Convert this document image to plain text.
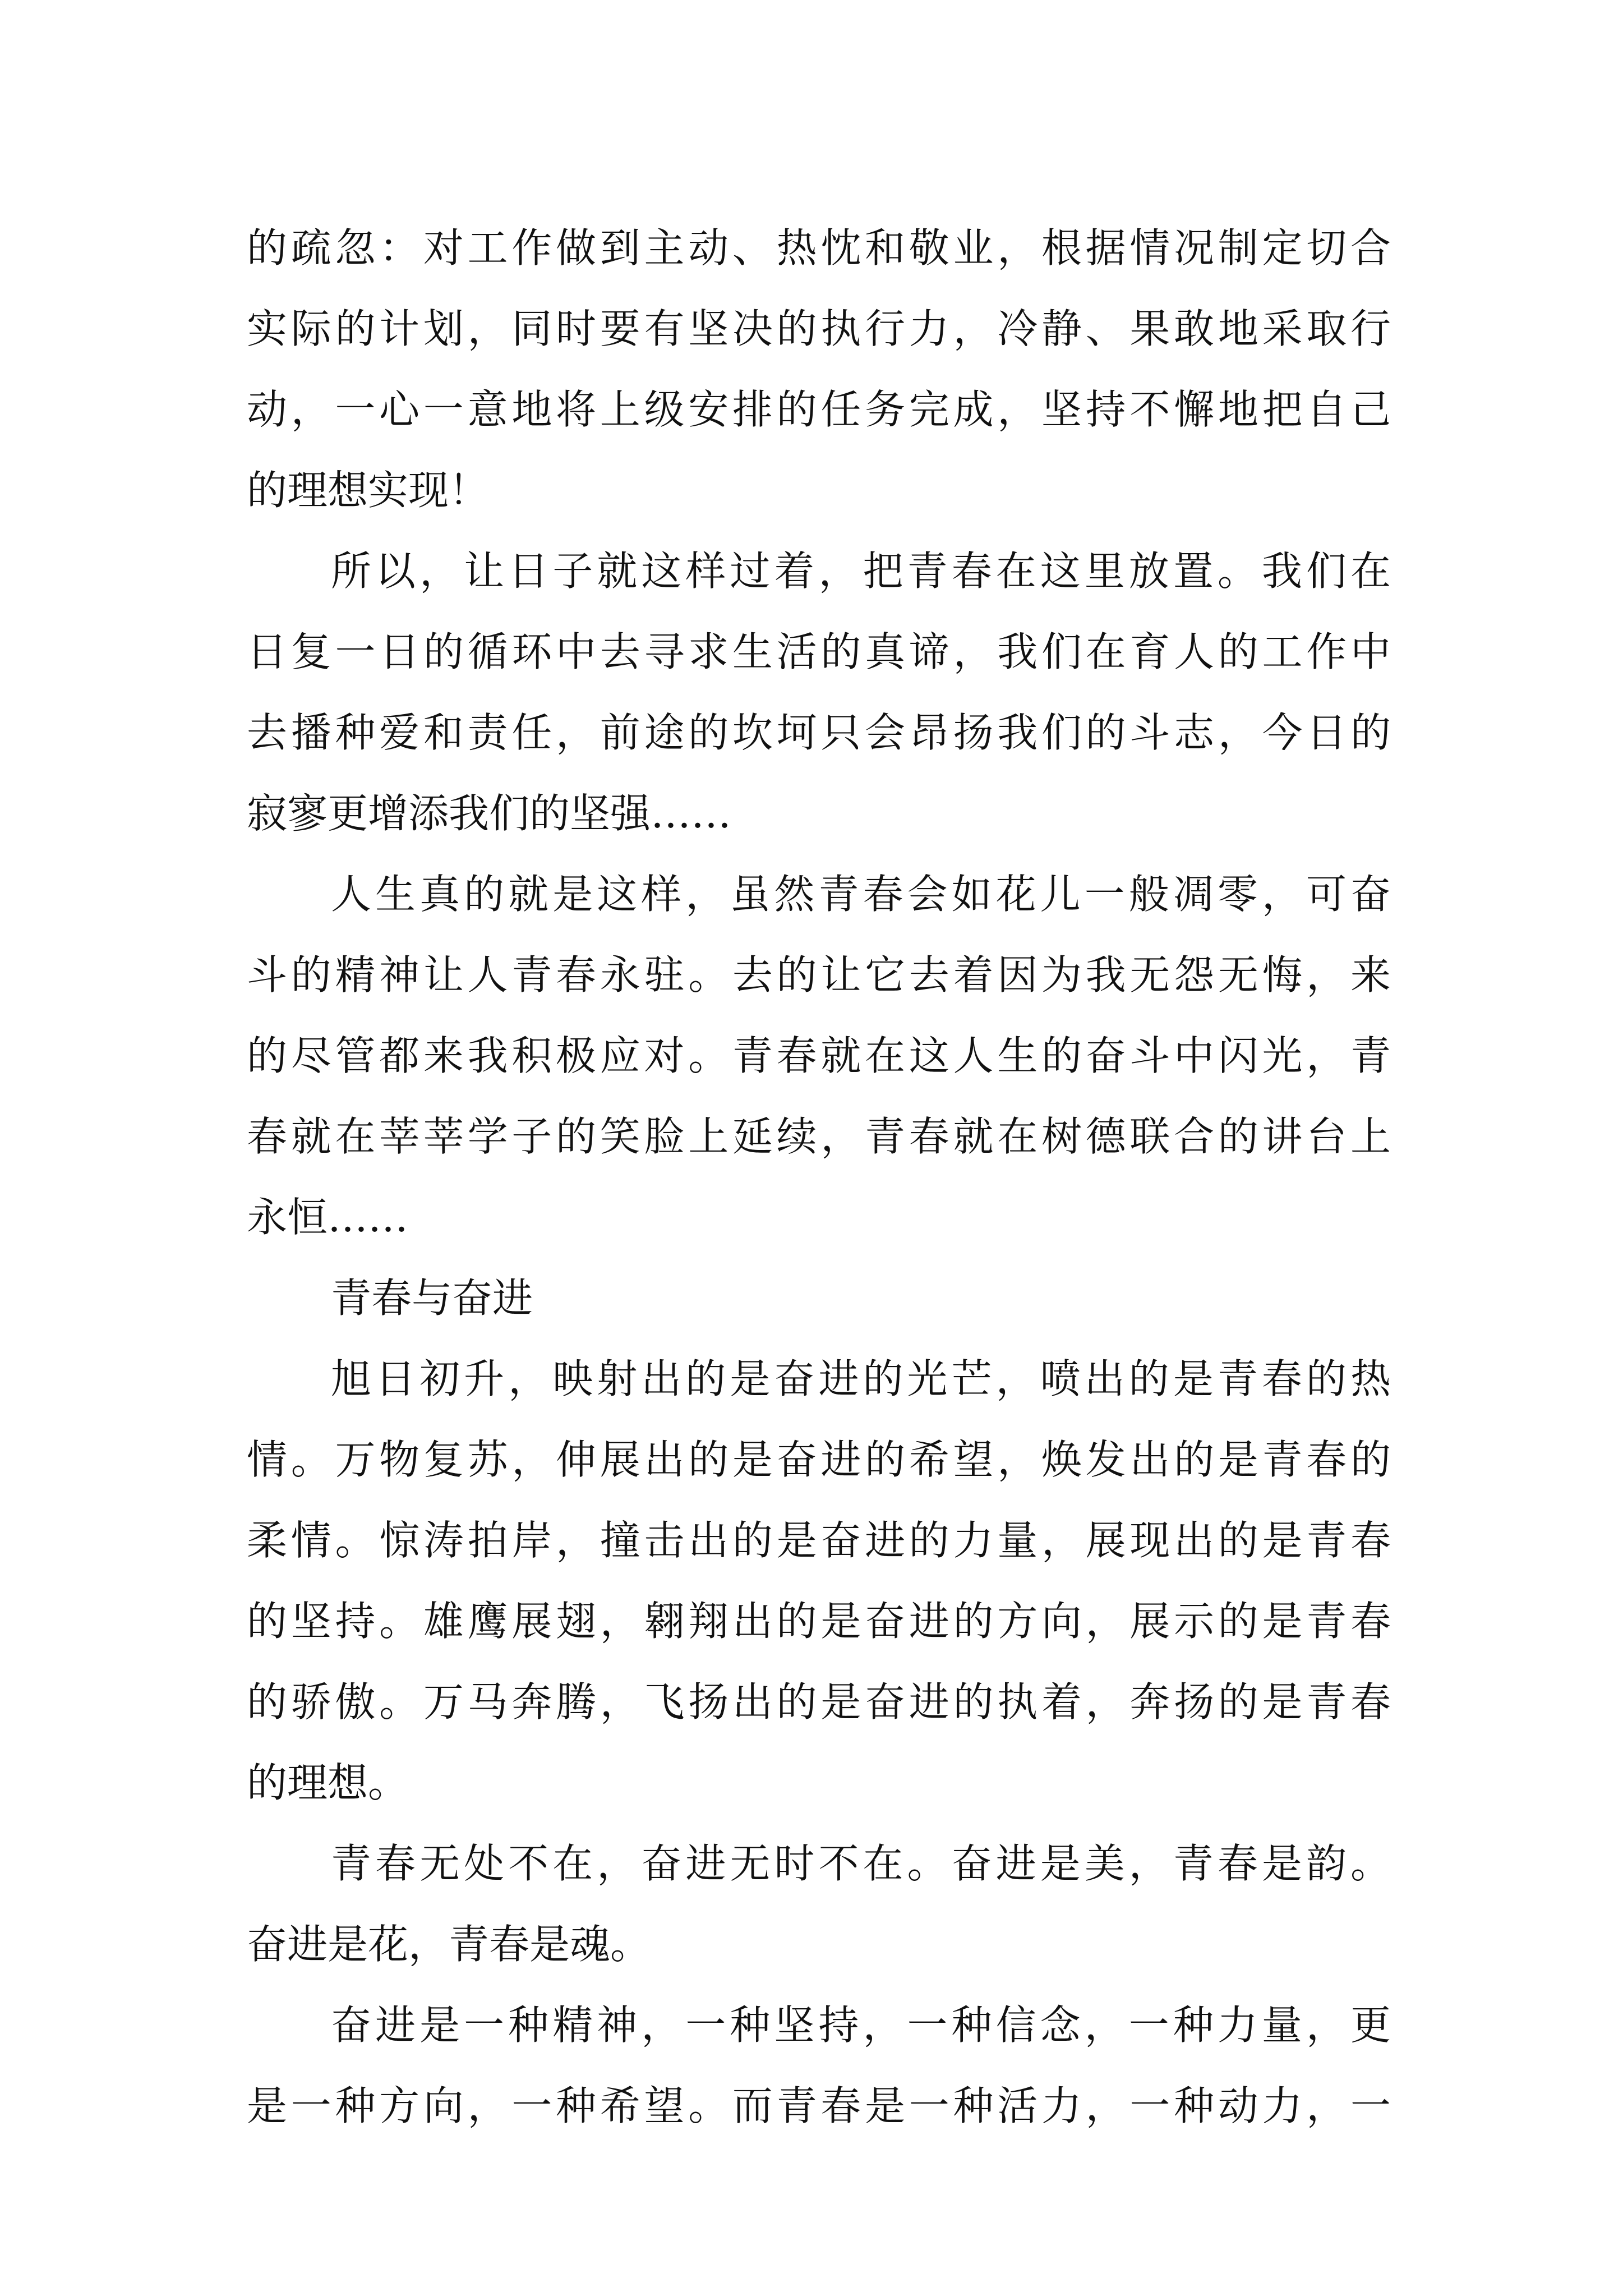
的疏忽：对工作做到主动、热忱和敬业，根据情况制定切合
实际的计划，同时要有坚决的执行力，冷静、果敢地采取行
动，一心一意地将上级安排的任务完成，坚持不懈地把自己
的理想实现！
所以，让日子就这样过着，把青春在这里放置。我们在
日复一日的循环中去寻求生活的真谛，我们在育人的工作中
去播种爱和责任，前途的坎坷只会昂扬我们的斗志，今日的
寂寥更增添我们的坚强……
人生真的就是这样，虽然青春会如花儿一般凋零，可奋
斗的精神让人青春永驻。去的让它去着因为我无怨无悔，来
的尽管都来我积极应对。青春就在这人生的奋斗中闪光，青
春就在莘莘学子的笑脸上延续，青春就在树德联合的讲台上
永恒……
青春与奋进
旭日初升，映射出的是奋进的光芒，喷出的是青春的热
情。万物复苏，伸展出的是奋进的希望，焕发出的是青春的
柔情。惊涛拍岸，撞击出的是奋进的力量，展现出的是青春
的坚持。雄鹰展翅，翱翔出的是奋进的方向，展示的是青春
的骄傲。万马奔腾，飞扬出的是奋进的执着，奔扬的是青春
的理想。
青春无处不在，奋进无时不在。奋进是美，青春是韵。
奋进是花，青春是魂。
奋进是一种精神，一种坚持，一种信念，一种力量，更
是一种方向，一种希望。而青春是一种活力，一种动力，一
